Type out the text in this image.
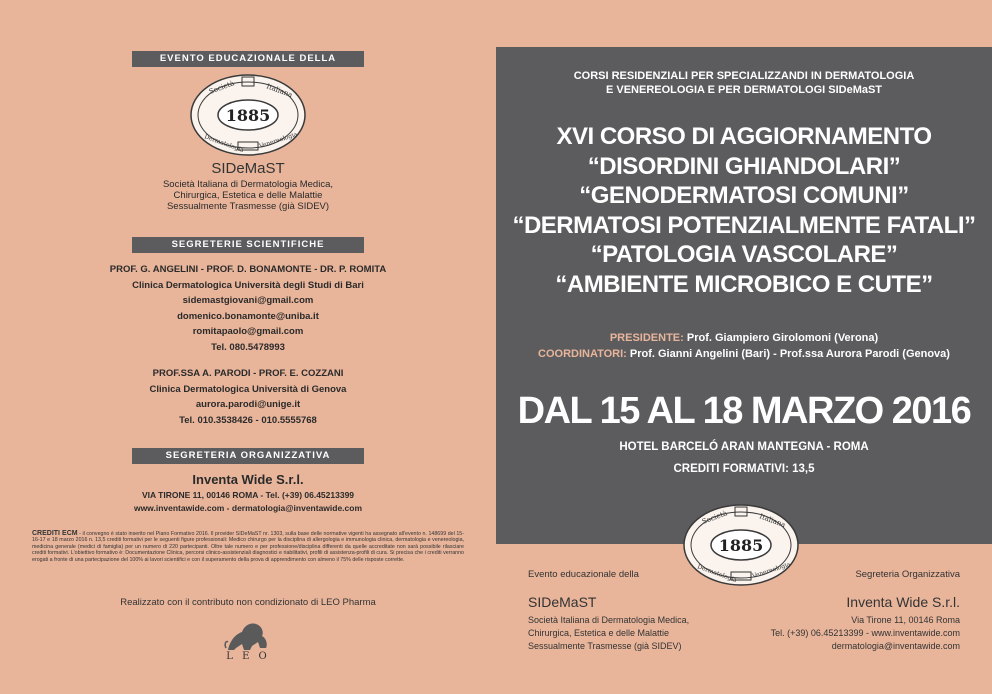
EVENTO EDUCAZIONALE DELLA
1885
Società	Italiana
Dermatologia Venereologia

SIDeMaST

Società Italiana di Dermatologia Medica,

Chirurgica, Estetica e delle Malattie

Sessualmente Trasmesse (già SIDEV)

SEGRETERIE SCIENTIFICHE

PROF. G. ANGELINI - PROF. D. BONAMONTE - DR. P. ROMITA

Clinica Dermatologica Università degli Studi di Bari

sidemastgiovani@gmail.com

domenico.bonamonte@uniba.it

romitapaolo@gmail.com

Tel. 080.5478993

PROF.SSA A. PARODI - PROF. E. COZZANI

Clinica Dermatologica Università di Genova

aurora.parodi@unige.it

Tel. 010.3538426 - 010.5555768

SEGRETERIA ORGANIZZATIVA

Inventa Wide S.r.l.

VIA TIRONE 11, 00146 ROMA - Tel. (+39) 06.45213399

www.inventawide.com - dermatologia@inventawide.com

CREDITI ECM - il convegno è stato inserito nel Piano Formativo 2016. Il provider SIDeMaST nr. 1303, sulla base delle normative vigenti ha assegnato all'evento n. 148699 del 15-16-17 e 18 marzo 2016 n. 13,5 crediti formativi per le seguenti figure professionali: Medico chirurgo per la disciplina di allergologia e immunologia clinica, dermatologia e venereologia, medicina generale (medici di famiglia) per un numero di 220 partecipanti. Oltre tale numero e per professione/disciplina differenti da quelle accreditate non sarà possibile rilasciare crediti formativi. L'obiettivo formativo è: Documentazione Clinica, percorsi clinico-assistenziali diagnostici e riabilitativi, profili di assistenza-profili di cura. Si precisa che i crediti verranno erogati a fronte di una partecipazione del 100% ai lavori scientifici e con il superamento della prova di apprendimento con almeno il 75% delle risposte corrette.

Realizzato con il contributo non condizionato di LEO Pharma

L E O

CORSI RESIDENZIALI PER SPECIALIZZANDI IN DERMATOLOGIA

E VENEREOLOGIA E PER DERMATOLOGI SIDeMaST

XVI CORSO DI AGGIORNAMENTO

“DISORDINI GHIANDOLARI”

“GENODERMATOSI COMUNI”

“DERMATOSI POTENZIALMENTE FATALI”

“PATOLOGIA VASCOLARE”

“AMBIENTE MICROBICO E CUTE”

PRESIDENTE: Prof. Giampiero Girolomoni (Verona)

COORDINATORI: Prof. Gianni Angelini (Bari) - Prof.ssa Aurora Parodi (Genova)

DAL 15 AL 18 MARZO 2016

HOTEL BARCELÓ ARAN MANTEGNA - ROMA

CREDITI FORMATIVI: 13,5

1885
Società	Italiana
Dermatologia Venereologia

Evento educazionale della

SIDeMaST

Società Italiana di Dermatologia Medica,

Chirurgica, Estetica e delle Malattie

Sessualmente Trasmesse (già SIDEV)

Segreteria Organizzativa

Inventa Wide S.r.l.

Via Tirone 11, 00146 Roma

Tel. (+39) 06.45213399 - www.inventawide.com

dermatologia@inventawide.com
